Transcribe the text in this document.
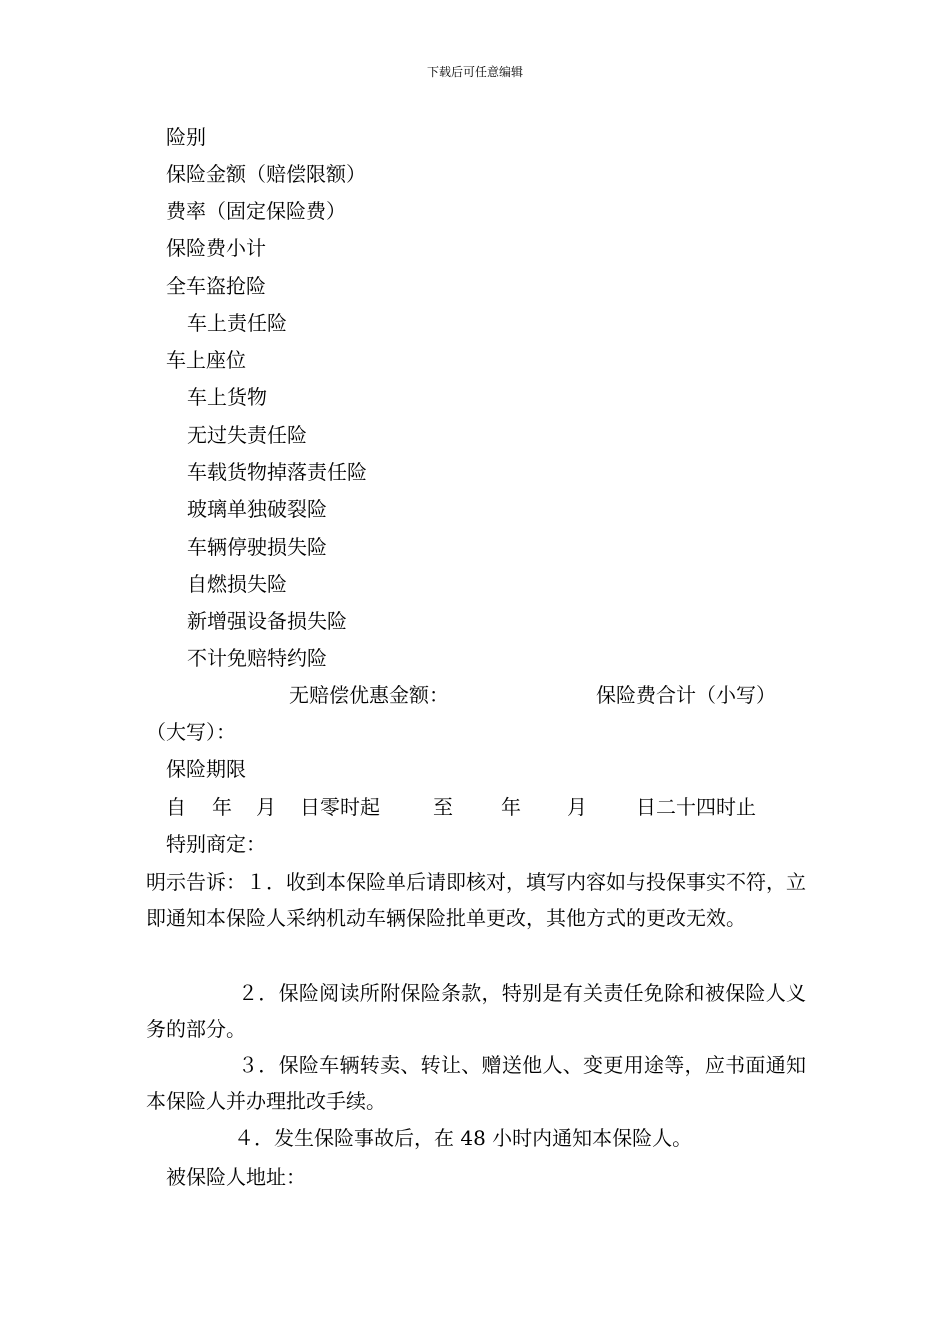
下载后可任意编辑
险别
保险金额（赔偿限额）
费率（固定保险费）
保险费小计
全车盗抢险
车上责任险
车上座位
车上货物
无过失责任险
车载货物掉落责任险
玻璃单独破裂险
车辆停驶损失险
自燃损失险
新增强设备损失险
不计免赔特约险
无赔偿优惠金额：	保险费合计（小写）
（大写）：
保险期限
自 年 月 日零时起	至 年 月 日二十四时止
特别商定：
明示告诉：１．收到本保险单后请即核对，填写内容如与投保事实不符，立即通知本保险人采纳机动车辆保险批单更改，其他方式的更改无效。
２．保险阅读所附保险条款，特别是有关责任免除和被保险人义务的部分。
３．保险车辆转卖、转让、赠送他人、变更用途等，应书面通知本保险人并办理批改手续。
４．发生保险事故后，在 48 小时内通知本保险人。
被保险人地址：
